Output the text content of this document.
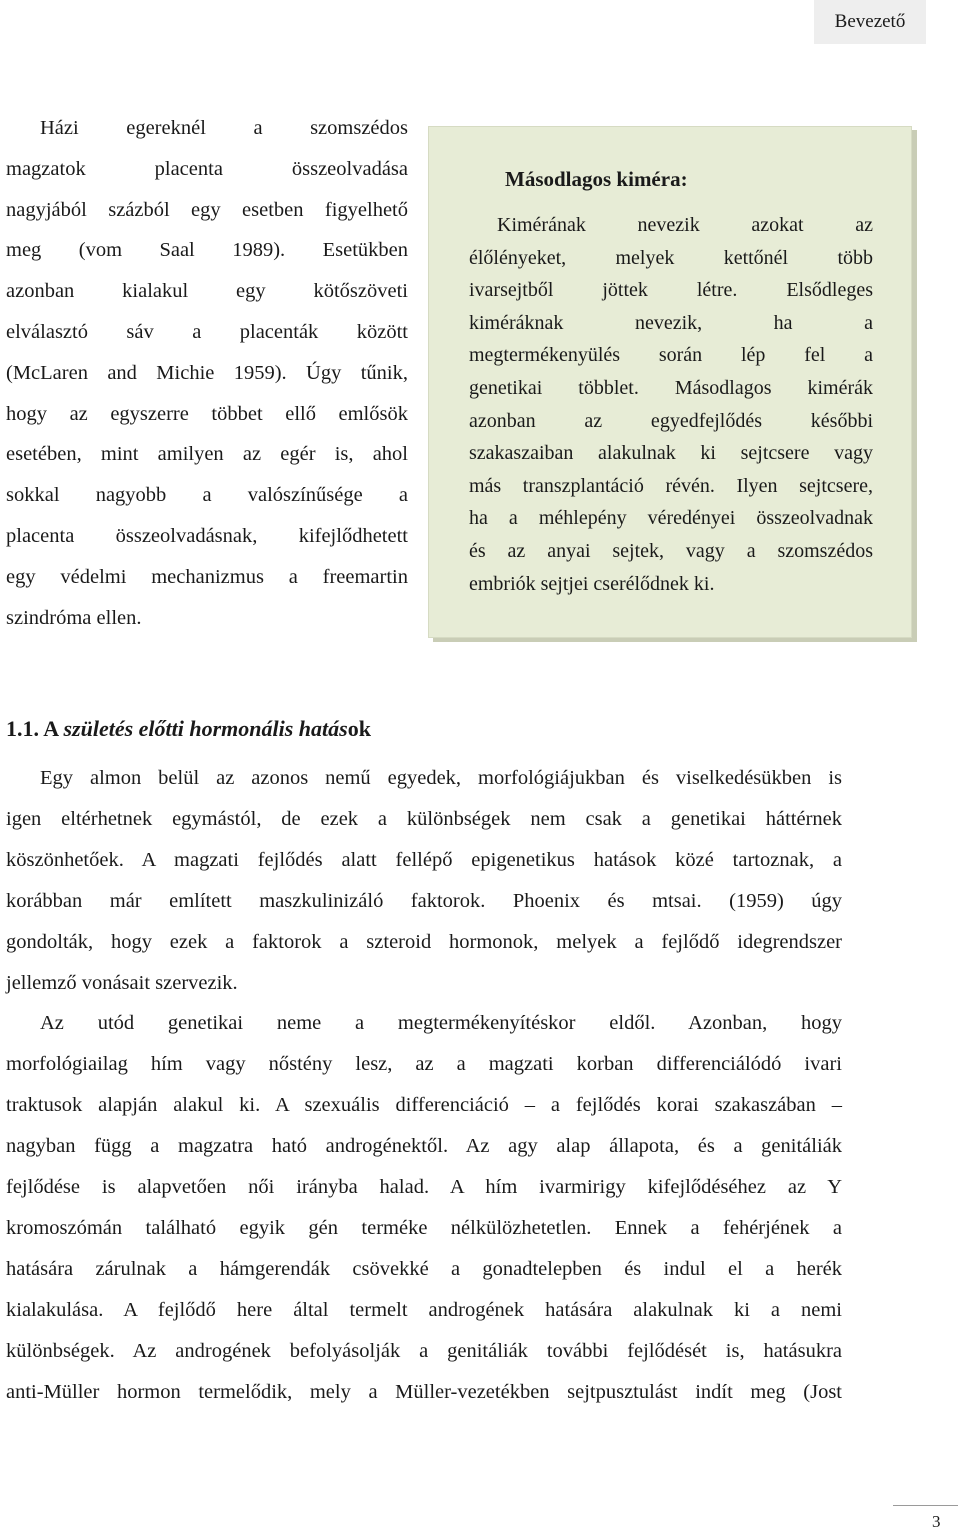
Bevezető

Házi egereknél a szomszédos

magzatok placenta összeolvadása

nagyjából százból egy esetben figyelhető

meg (vom Saal 1989). Esetükben

azonban kialakul egy kötőszöveti

elválasztó sáv a placenták között

(McLaren and Michie 1959). Úgy tűnik,

hogy az egyszerre többet ellő emlősök

esetében, mint amilyen az egér is, ahol

sokkal nagyobb a valószínűsége a

placenta összeolvadásnak, kifejlődhetett

egy védelmi mechanizmus a freemartin

szindróma ellen.

Másodlagos kiméra:

Kimérának nevezik azokat az

élőlényeket, melyek kettőnél több

ivarsejtből jöttek létre. Elsődleges

kiméráknak nevezik, ha a

megtermékenyülés során lép fel a

genetikai többlet. Másodlagos kimérák

azonban az egyedfejlődés későbbi

szakaszaiban alakulnak ki sejtcsere vagy

más transzplantáció révén. Ilyen sejtcsere,

ha a méhlepény véredényei összeolvadnak

és az anyai sejtek, vagy a szomszédos

embriók sejtjei cserélődnek ki.

1.1. A születés előtti hormonális hatások

Egy almon belül az azonos nemű egyedek, morfológiájukban és viselkedésükben is

igen eltérhetnek egymástól, de ezek a különbségek nem csak a genetikai háttérnek

köszönhetőek. A magzati fejlődés alatt fellépő epigenetikus hatások közé tartoznak, a

korábban már említett maszkulinizáló faktorok. Phoenix és mtsai. (1959) úgy

gondolták, hogy ezek a faktorok a szteroid hormonok, melyek a fejlődő idegrendszer

jellemző vonásait szervezik.

Az utód genetikai neme a megtermékenyítéskor eldől. Azonban, hogy

morfológiailag hím vagy nőstény lesz, az a magzati korban differenciálódó ivari

traktusok alapján alakul ki. A szexuális differenciáció – a fejlődés korai szakaszában –

nagyban függ a magzatra ható androgénektől. Az agy alap állapota, és a genitáliák

fejlődése is alapvetően női irányba halad. A hím ivarmirigy kifejlődéséhez az Y

kromoszómán található egyik gén terméke nélkülözhetetlen. Ennek a fehérjének a

hatására zárulnak a hámgerendák csövekké a gonadtelepben és indul el a herék

kialakulása. A fejlődő here által termelt androgének hatására alakulnak ki a nemi

különbségek. Az androgének befolyásolják a genitáliák további fejlődését is, hatásukra

anti-Müller hormon termelődik, mely a Müller-vezetékben sejtpusztulást indít meg (Jost

3
